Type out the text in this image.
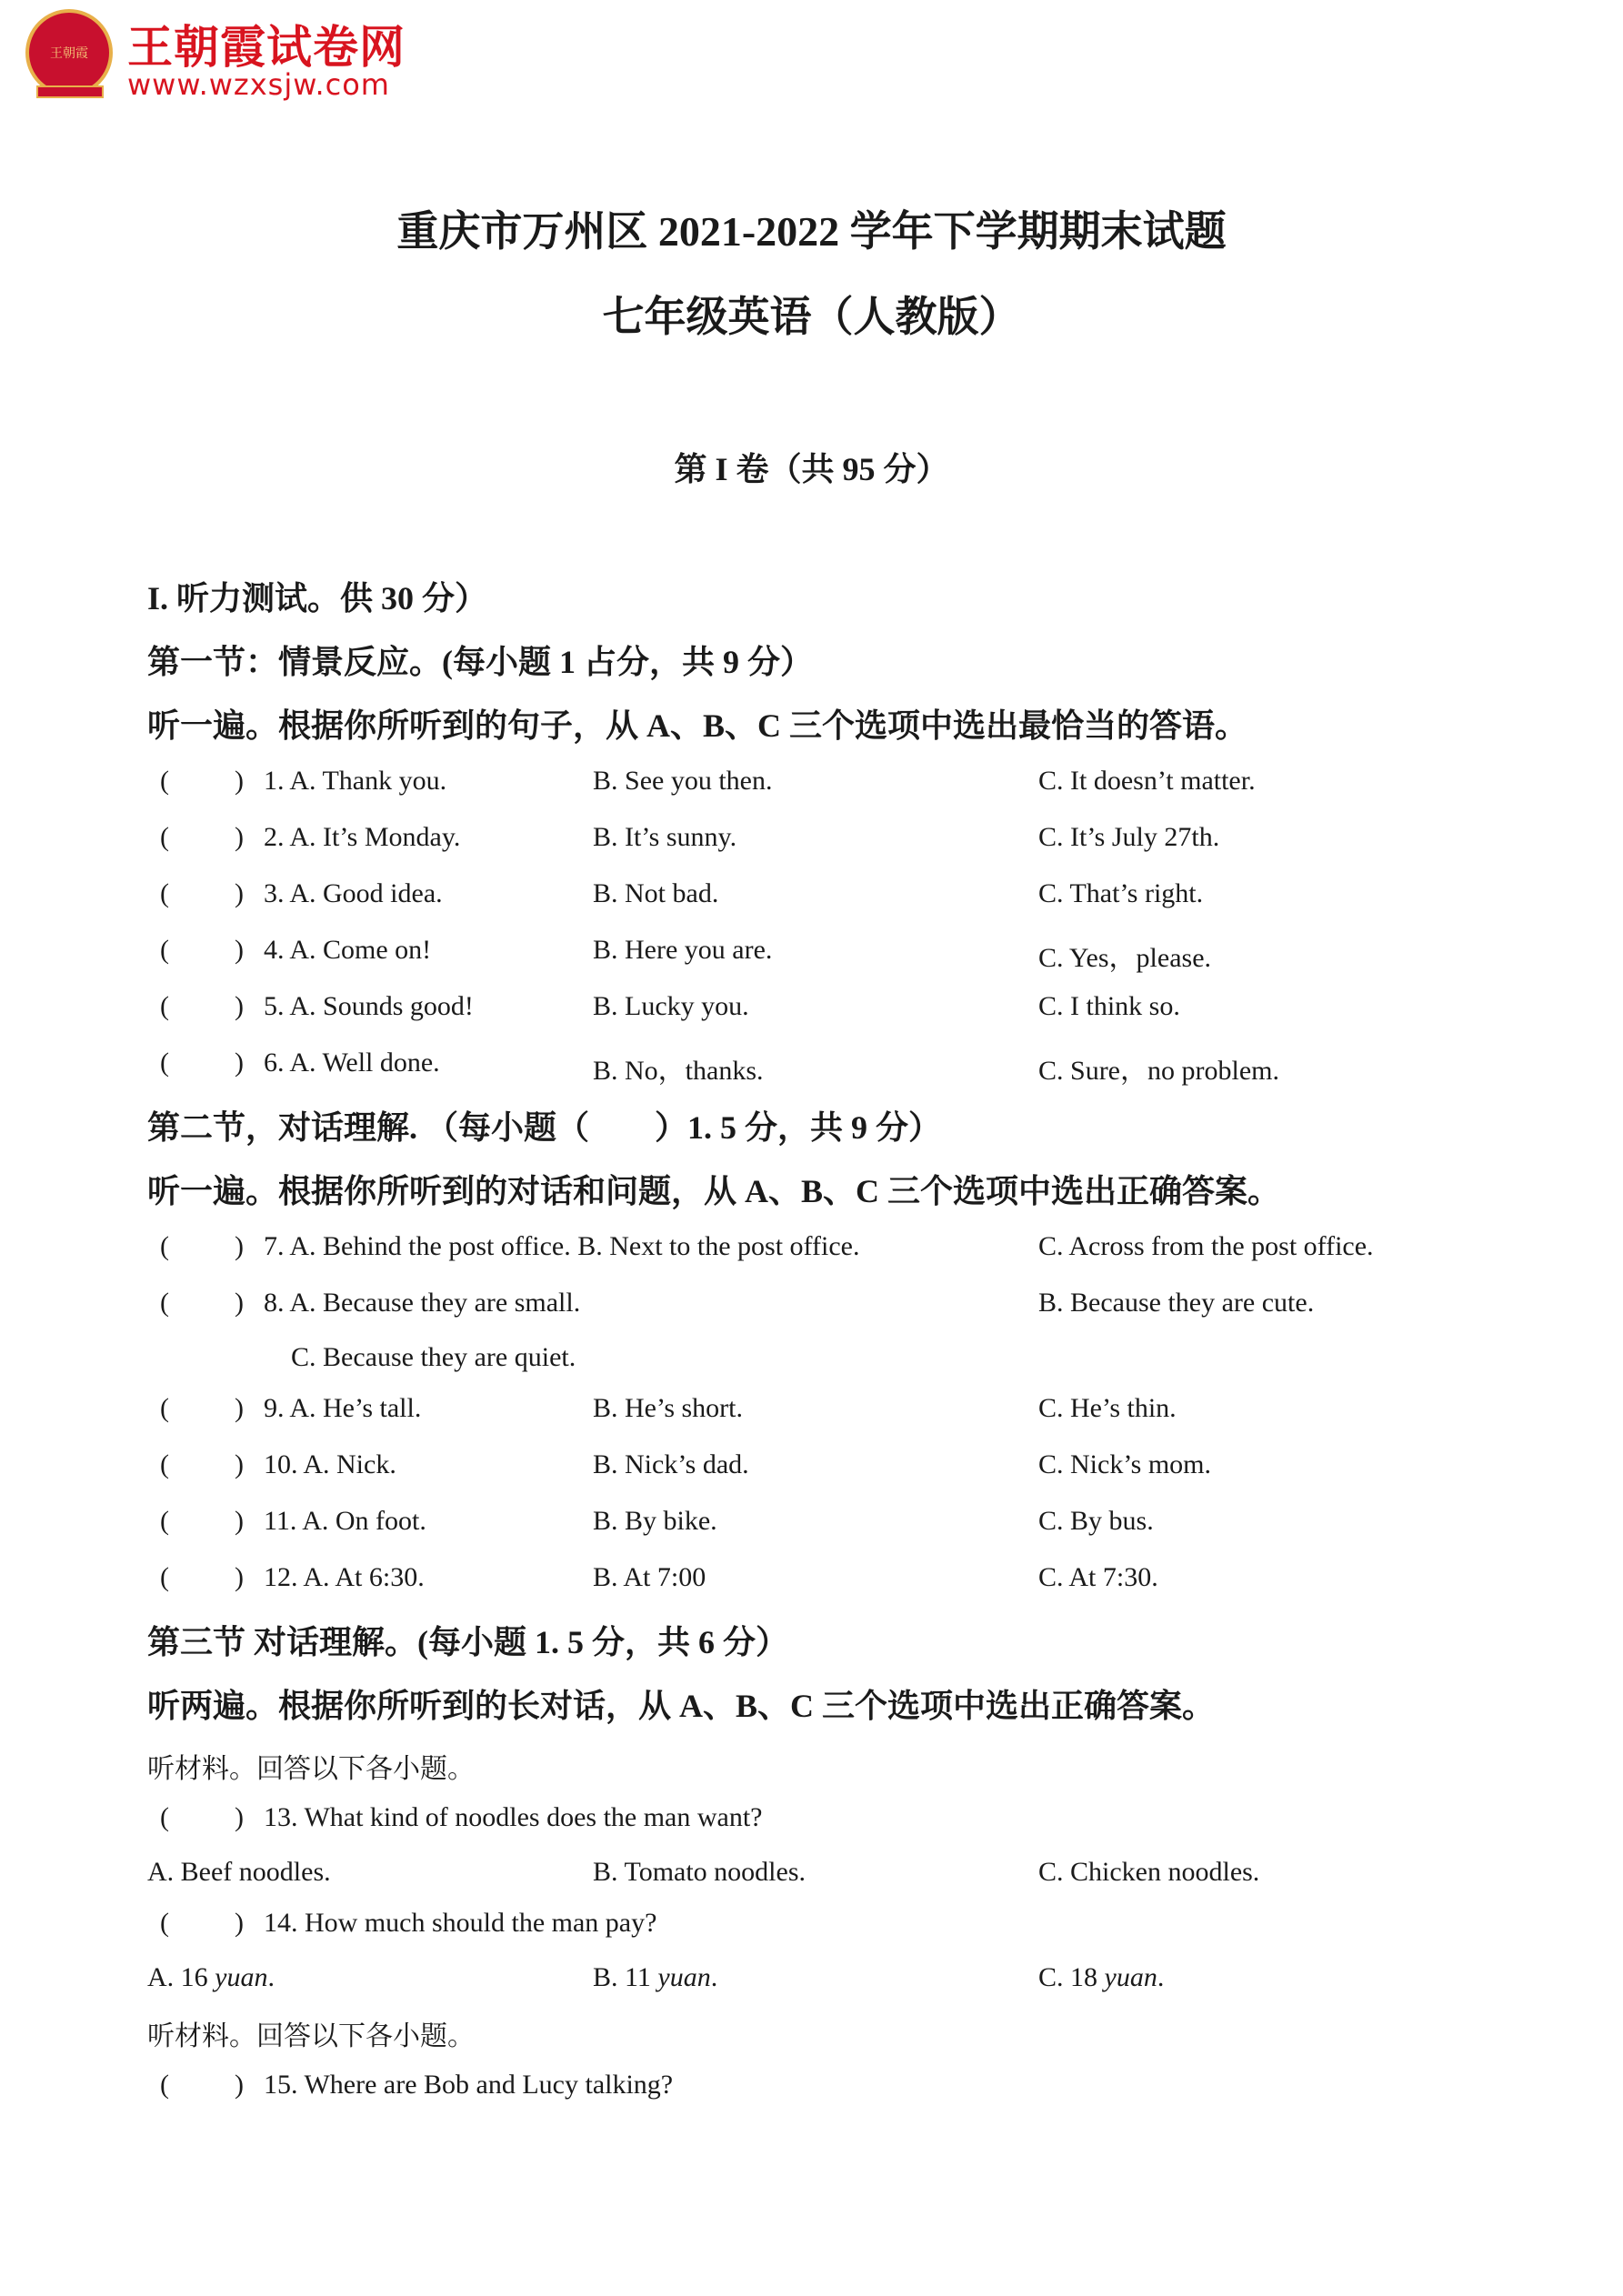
王朝霞 王朝霞试卷网
www.wzxsjw.com
重庆市万州区 2021-2022 学年下学期期末试题
七年级英语（人教版）
第 I 卷（共 95 分）
I. 听力测试。供 30 分）
第一节：情景反应。(每小题 1 占分，共 9 分）
听一遍。根据你所听到的句子，从 A、B、C 三个选项中选出最恰当的答语。
( ) 1. A. Thank you.	B. See you then.	C. It doesn’t matter.
( ) 2. A. It’s Monday.	B. It’s sunny.	C. It’s July 27th.
( ) 3. A. Good idea.	B. Not bad.	C. That’s right.
( ) 4. A. Come on!	B. Here you are.	C. Yes，please.
( ) 5. A. Sounds good!	B. Lucky you.	C. I think so.
( ) 6. A. Well done.	B. No，thanks.	C. Sure，no problem.
第二节，对话理解. （每小题（　　）1. 5 分，共 9 分）
听一遍。根据你所听到的对话和问题，从 A、B、C 三个选项中选出正确答案。
( ) 7. A. Behind the post office. B. Next to the post office.	C. Across from the post office.
( ) 8. A. Because they are small.	B. Because they are cute.
C. Because they are quiet.
( ) 9. A. He’s tall.	B. He’s short.	C. He’s thin.
( ) 10. A. Nick.	B. Nick’s dad.	C. Nick’s mom.
( ) 11. A. On foot.	B. By bike.	C. By bus.
( ) 12. A. At 6:30.	B. At 7:00	C. At 7:30.
第三节 对话理解。(每小题 1. 5 分，共 6 分）
听两遍。根据你所听到的长对话，从 A、B、C 三个选项中选出正确答案。
听材料。回答以下各小题。
( ) 13. What kind of noodles does the man want?
A. Beef noodles.	B. Tomato noodles.	C. Chicken noodles.
( ) 14. How much should the man pay?
A. 16 yuan.	B. 11 yuan.	C. 18 yuan.
听材料。回答以下各小题。
( ) 15. Where are Bob and Lucy talking?
